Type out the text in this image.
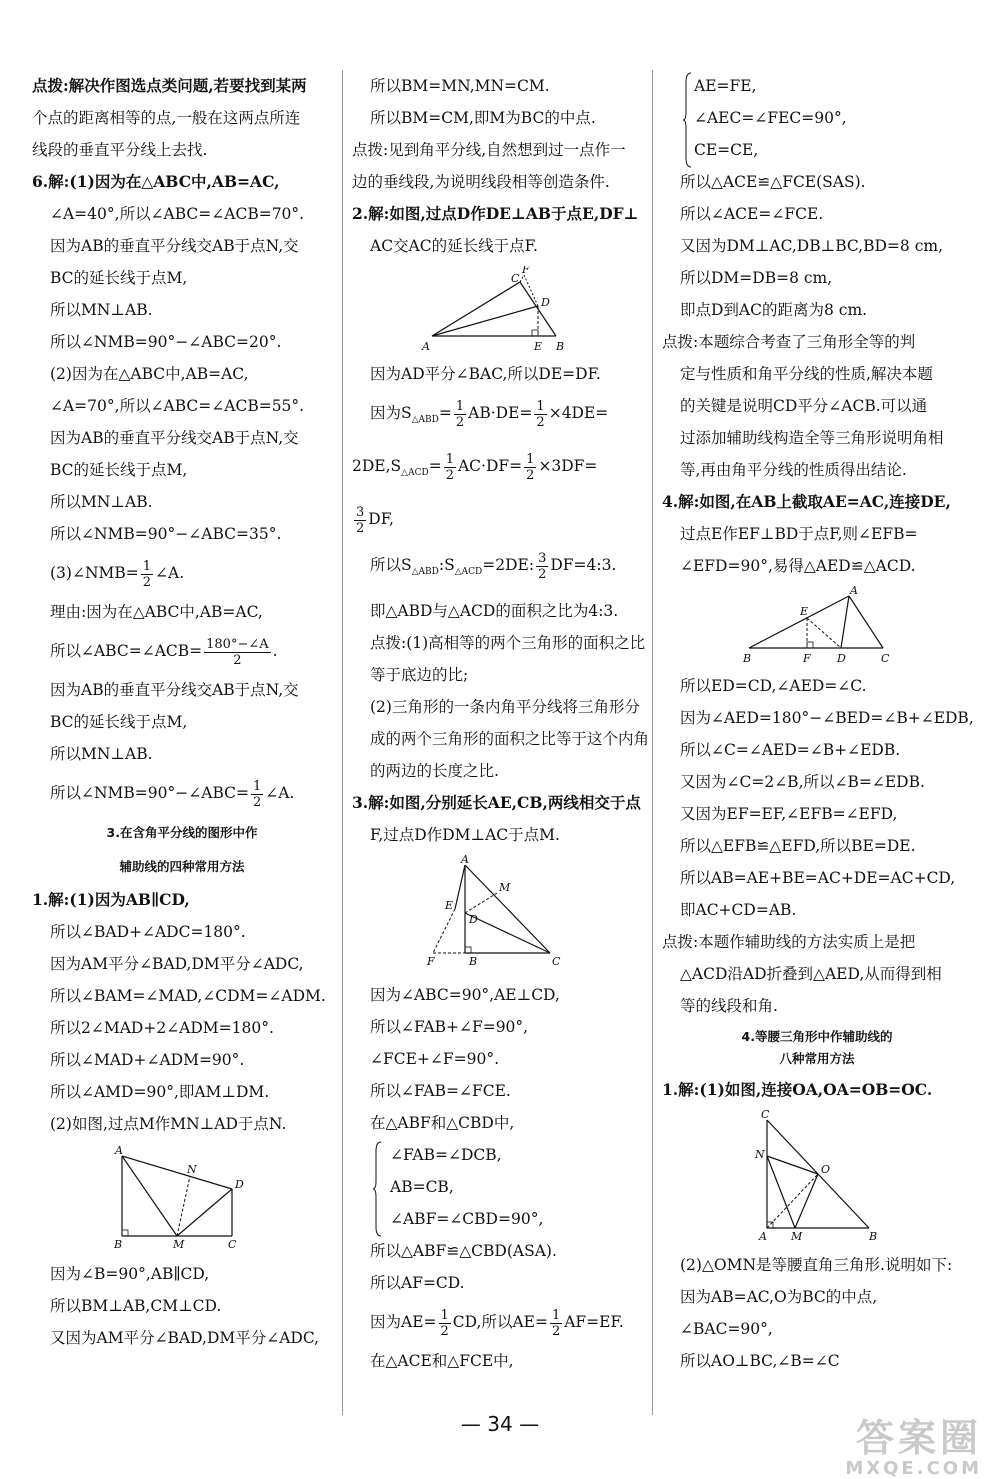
点拨:解决作图选点类问题,若要找到某两
个点的距离相等的点,一般在这两点所连
线段的垂直平分线上去找.
6.解:(1)因为在△ABC中,AB=AC,
∠A=40°,所以∠ABC=∠ACB=70°.
因为AB的垂直平分线交AB于点N,交
BC的延长线于点M,
所以MN⊥AB.
所以∠NMB=90°−∠ABC=20°.
(2)因为在△ABC中,AB=AC,
∠A=70°,所以∠ABC=∠ACB=55°.
因为AB的垂直平分线交AB于点N,交
BC的延长线于点M,
所以MN⊥AB.
所以∠NMB=90°−∠ABC=35°.
(3)∠NMB= $\frac{1}{2}$ ∠A.
理由:因为在△ABC中,AB=AC,
所以∠ABC=∠ACB= $\frac{180^\circ-\angle A}{2}$ .
因为AB的垂直平分线交AB于点N,交
BC的延长线于点M,
所以MN⊥AB.
所以∠NMB=90°−∠ABC= $\frac{1}{2}$ ∠A.
3.在含角平分线的图形中作
辅助线的四种常用方法
1.解:(1)因为AB∥CD,
所以∠BAD+∠ADC=180°.
因为AM平分∠BAD,DM平分∠ADC,
所以∠BAM=∠MAD,∠CDM=∠ADM.
所以2∠MAD+2∠ADM=180°.
所以∠MAD+∠ADM=90°.
所以∠AMD=90°,即AM⊥DM.
(2)如图,过点M作MN⊥AD于点N.
A
B	C
D
M
N
因为∠B=90°,AB∥CD,
所以BM⊥AB,CM⊥CD.
又因为AM平分∠BAD,DM平分∠ADC,
所以BM=MN,MN=CM.
所以BM=CM,即M为BC的中点.
点拨:见到角平分线,自然想到过一点作一
边的垂线段,为说明线段相等创造条件.
2.解:如图,过点D作DE⊥AB于点E,DF⊥
AC交AC的延长线于点F.
A	B
C
D
E
F
因为AD平分∠BAC,所以DE=DF.
因为$S_{\triangle ABD}= \frac{1}{2} AB\cdot DE= \frac{1}{2} \times 4DE=$
$2DE,S_{\triangle ACD}= \frac{1}{2} AC\cdot DF= \frac{1}{2} \times 3DF=$
$\frac{3}{2}$ DF,
所以$S_{\triangle ABD}:S_{\triangle ACD}=2DE$: $\frac{3}{2}$ DF=4:3.
即△ABD与△ACD的面积之比为4:3.
点拨:(1)高相等的两个三角形的面积之比
等于底边的比;
(2)三角形的一条内角平分线将三角形分
成的两个三角形的面积之比等于这个内角
的两边的长度之比.
3.解:如图,分别延长AE,CB,两线相交于点
F,过点D作DM⊥AC于点M.
A
B	C
D
E
F
M
因为∠ABC=90°,AE⊥CD,
所以∠FAB+∠F=90°,
∠FCE+∠F=90°.
所以∠FAB=∠FCE.
在△ABF和△CBD中,
∠FAB=∠DCB,
AB=CB,
∠ABF=∠CBD=90°,
所以△ABF≌△CBD(ASA).
所以AF=CD.
因为$AE= \frac{1}{2}$ CD,所以$AE= \frac{1}{2} AF=EF$.
在△ACE和△FCE中,
AE=FE,
∠AEC=∠FEC=90°,
CE=CE,
所以△ACE≌△FCE(SAS).
所以∠ACE=∠FCE.
又因为DM⊥AC,DB⊥BC,BD=8 cm,
所以DM=DB=8 cm,
即点D到AC的距离为8 cm.
点拨:本题综合考查了三角形全等的判
定与性质和角平分线的性质,解决本题
的关键是说明CD平分∠ACB.可以通
过添加辅助线构造全等三角形说明角相
等,再由角平分线的性质得出结论.
4.解:如图,在AB上截取AE=AC,连接DE,
过点E作EF⊥BD于点F,则∠EFB=
∠EFD=90°,易得△AED≌△ACD.
A
B	C
D
E
F
所以ED=CD,∠AED=∠C.
因为∠AED=180°−∠BED=∠B+∠EDB,
所以∠C=∠AED=∠B+∠EDB.
又因为∠C=2∠B,所以∠B=∠EDB.
又因为EF=EF,∠EFB=∠EFD,
所以△EFB≌△EFD,所以BE=DE.
所以AB=AE+BE=AC+DE=AC+CD,
即AC+CD=AB.
点拨:本题作辅助线的方法实质上是把
△ACD沿AD折叠到△AED,从而得到相
等的线段和角.
4.等腰三角形中作辅助线的
八种常用方法
1.解:(1)如图,连接OA,OA=OB=OC.
C
A	B
M
N
O
(2)△OMN是等腰直角三角形.说明如下:
因为AB=AC,O为BC的中点,
∠BAC=90°,
所以AO⊥BC,∠B=∠C
— 34 —	答案圈
MXQE.COM
